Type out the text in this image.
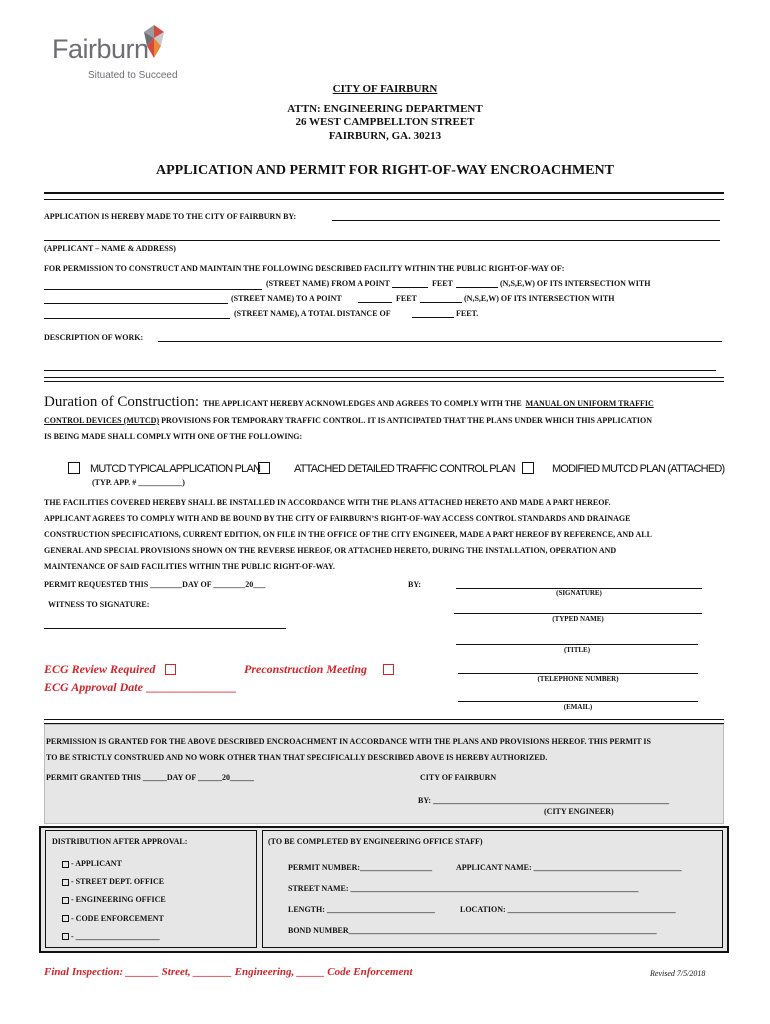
Fairburn
Situated to Succeed
CITY OF FAIRBURN
ATTN: ENGINEERING DEPARTMENT
26 WEST CAMPBELLTON STREET
FAIRBURN, GA. 30213
APPLICATION AND PERMIT FOR RIGHT-OF-WAY ENCROACHMENT
APPLICATION IS HEREBY MADE TO THE CITY OF FAIRBURN BY:
(APPLICANT – NAME & ADDRESS)
FOR PERMISSION TO CONSTRUCT AND MAINTAIN THE FOLLOWING DESCRIBED FACILITY WITHIN THE PUBLIC RIGHT-OF-WAY OF:
(STREET NAME) FROM A POINT	FEET	(N,S,E,W) OF ITS INTERSECTION WITH
(STREET NAME) TO A POINT	FEET	(N,S,E,W) OF ITS INTERSECTION WITH
(STREET NAME), A TOTAL DISTANCE OF	FEET.
DESCRIPTION OF WORK:
Duration of Construction: THE APPLICANT HEREBY ACKNOWLEDGES AND AGREES TO COMPLY WITH THE MANUAL ON UNIFORM TRAFFIC
CONTROL DEVICES (MUTCD) PROVISIONS FOR TEMPORARY TRAFFIC CONTROL. IT IS ANTICIPATED THAT THE PLANS UNDER WHICH THIS APPLICATION
IS BEING MADE SHALL COMPLY WITH ONE OF THE FOLLOWING:
MUTCD TYPICAL APPLICATION PLAN	ATTACHED DETAILED TRAFFIC CONTROL PLAN	MODIFIED MUTCD PLAN (ATTACHED)
(TYP. APP. # ___________)
THE FACILITIES COVERED HEREBY SHALL BE INSTALLED IN ACCORDANCE WITH THE PLANS ATTACHED HERETO AND MADE A PART HEREOF.
APPLICANT AGREES TO COMPLY WITH AND BE BOUND BY THE CITY OF FAIRBURN’S RIGHT-OF-WAY ACCESS CONTROL STANDARDS AND DRAINAGE
CONSTRUCTION SPECIFICATIONS, CURRENT EDITION, ON FILE IN THE OFFICE OF THE CITY ENGINEER, MADE A PART HEREOF BY REFERENCE, AND ALL
GENERAL AND SPECIAL PROVISIONS SHOWN ON THE REVERSE HEREOF, OR ATTACHED HERETO, DURING THE INSTALLATION, OPERATION AND
MAINTENANCE OF SAID FACILITIES WITHIN THE PUBLIC RIGHT-OF-WAY.
PERMIT REQUESTED THIS ________DAY OF ________20___	BY:
WITNESS TO SIGNATURE:
(SIGNATURE)
(TYPED NAME)
(TITLE)
(TELEPHONE NUMBER)
(EMAIL)
ECG Review Required
ECG Approval Date _______________
Preconstruction Meeting
PERMISSION IS GRANTED FOR THE ABOVE DESCRIBED ENCROACHMENT IN ACCORDANCE WITH THE PLANS AND PROVISIONS HEREOF. THIS PERMIT IS
TO BE STRICTLY CONSTRUED AND NO WORK OTHER THAN THAT SPECIFICALLY DESCRIBED ABOVE IS HEREBY AUTHORIZED.
PERMIT GRANTED THIS ______DAY OF ______20______	CITY OF FAIRBURN
BY: ___________________________________________________________
(CITY ENGINEER)
DISTRIBUTION AFTER APPROVAL:
- APPLICANT
- STREET DEPT. OFFICE
- ENGINEERING OFFICE
- CODE ENFORCEMENT
- _____________________
(TO BE COMPLETED BY ENGINEERING OFFICE STAFF)
PERMIT NUMBER:__________________	APPLICANT NAME: _____________________________________
STREET NAME: ________________________________________________________________________
LENGTH: ___________________________	LOCATION: __________________________________________
BOND NUMBER_____________________________________________________________________________
Final Inspection: ______ Street, _______ Engineering, _____ Code Enforcement	Revised 7/5/2018
